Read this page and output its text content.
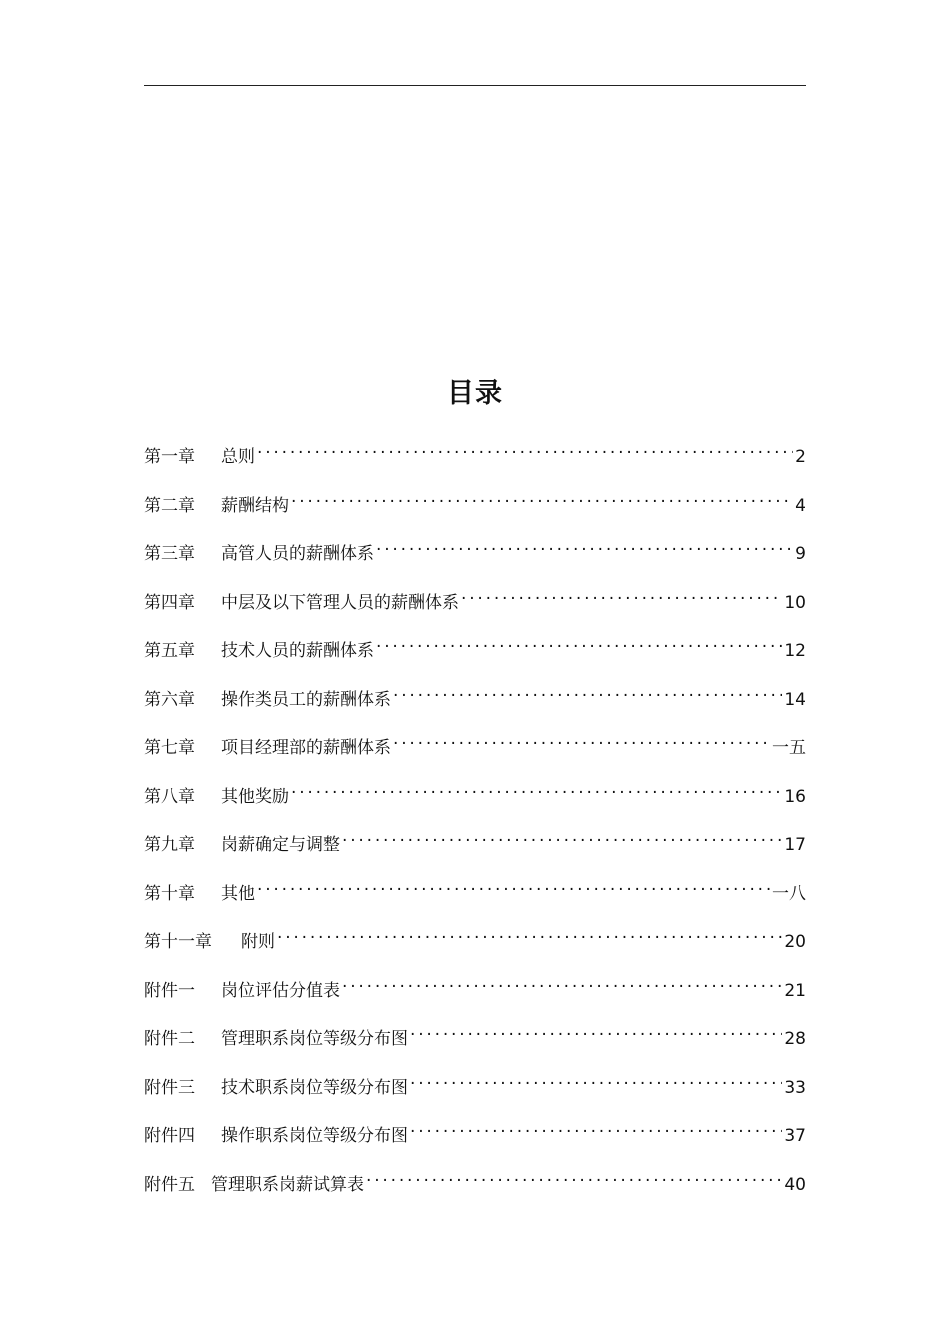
目录
第一章	总则 . . .	2
第二章	薪酬结构 . . .	4
第三章	高管人员的薪酬体系 . . .	9
第四章	中层及以下管理人员的薪酬体系 . . .	10
第五章	技术人员的薪酬体系 . . .	12
第六章	操作类员工的薪酬体系 . . .	14
第七章	项目经理部的薪酬体系 . . .	一五
第八章	其他奖励 . . .	16
第九章	岗薪确定与调整 . . .	17
第十章	其他 . . .	一八
第十一章	附则 . . .	20
附件一	岗位评估分值表 . . .	21
附件二	管理职系岗位等级分布图 . . .	28
附件三	技术职系岗位等级分布图 . . .	33
附件四	操作职系岗位等级分布图 . . .	37
附件五 管理职系岗薪试算表 . . .	40
